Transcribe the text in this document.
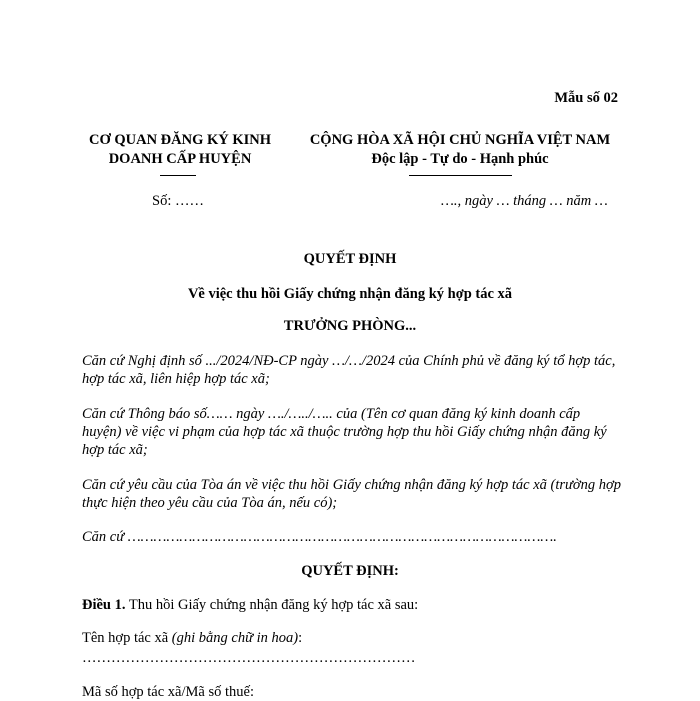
Mẫu số 02
CƠ QUAN ĐĂNG KÝ KINH
DOANH CẤP HUYỆN
CỘNG HÒA XÃ HỘI CHỦ NGHĨA VIỆT NAM
Độc lập - Tự do - Hạnh phúc
Số: ……	…., ngày … tháng … năm …
QUYẾT ĐỊNH
Về việc thu hồi Giấy chứng nhận đăng ký hợp tác xã
TRƯỞNG PHÒNG...
Căn cứ Nghị định số .../2024/NĐ-CP ngày …/…/2024 của Chính phủ về đăng ký tổ hợp tác, hợp tác xã, liên hiệp hợp tác xã;
Căn cứ Thông báo số…… ngày …./…../….. của (Tên cơ quan đăng ký kinh doanh cấp huyện) về việc vi phạm của hợp tác xã thuộc trường hợp thu hồi Giấy chứng nhận đăng ký hợp tác xã;
Căn cứ yêu cầu của Tòa án về việc thu hồi Giấy chứng nhận đăng ký hợp tác xã (trường hợp thực hiện theo yêu cầu của Tòa án, nếu có);
Căn cứ ……………………………………………………………………………………….
QUYẾT ĐỊNH:
Điều 1. Thu hồi Giấy chứng nhận đăng ký hợp tác xã sau:
Tên hợp tác xã (ghi bằng chữ in hoa):
……………………………………………………………
Mã số hợp tác xã/Mã số thuế:
